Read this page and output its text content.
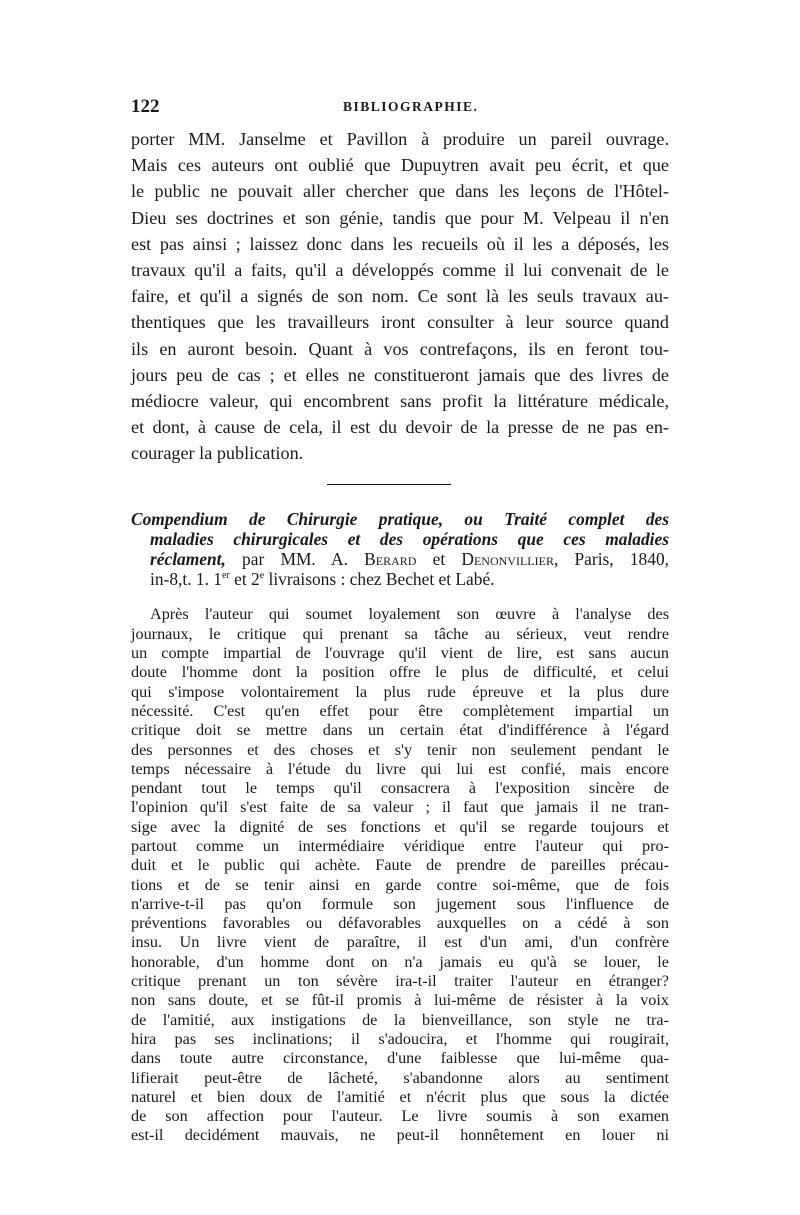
122	BIBLIOGRAPHIE.
porter MM. Janselme et Pavillon à produire un pareil ouvrage.
Mais ces auteurs ont oublié que Dupuytren avait peu écrit, et que
le public ne pouvait aller chercher que dans les leçons de l'Hôtel-
Dieu ses doctrines et son génie, tandis que pour M. Velpeau il n'en
est pas ainsi ; laissez donc dans les recueils où il les a déposés, les
travaux qu'il a faits, qu'il a développés comme il lui convenait de le
faire, et qu'il a signés de son nom. Ce sont là les seuls travaux au-
thentiques que les travailleurs iront consulter à leur source quand
ils en auront besoin. Quant à vos contrefaçons, ils en feront tou-
jours peu de cas ; et elles ne constitueront jamais que des livres de
médiocre valeur, qui encombrent sans profit la littérature médicale,
et dont, à cause de cela, il est du devoir de la presse de ne pas en-
courager la publication.
Compendium de Chirurgie pratique, ou Traité complet des
maladies chirurgicales et des opérations que ces maladies
réclament, par MM. A. Berard et Denonvillier, Paris, 1840,
in-8,t. 1. 1er et 2e livraisons : chez Bechet et Labé.
Après l'auteur qui soumet loyalement son œuvre à l'analyse des
journaux, le critique qui prenant sa tâche au sérieux, veut rendre
un compte impartial de l'ouvrage qu'il vient de lire, est sans aucun
doute l'homme dont la position offre le plus de difficulté, et celui
qui s'impose volontairement la plus rude épreuve et la plus dure
nécessité. C'est qu'en effet pour être complètement impartial un
critique doit se mettre dans un certain état d'indifférence à l'égard
des personnes et des choses et s'y tenir non seulement pendant le
temps nécessaire à l'étude du livre qui lui est confié, mais encore
pendant tout le temps qu'il consacrera à l'exposition sincère de
l'opinion qu'il s'est faite de sa valeur ; il faut que jamais il ne tran-
sige avec la dignité de ses fonctions et qu'il se regarde toujours et
partout comme un intermédiaire véridique entre l'auteur qui pro-
duit et le public qui achète. Faute de prendre de pareilles précau-
tions et de se tenir ainsi en garde contre soi-même, que de fois
n'arrive-t-il pas qu'on formule son jugement sous l'influence de
préventions favorables ou défavorables auxquelles on a cédé à son
insu. Un livre vient de paraître, il est d'un ami, d'un confrère
honorable, d'un homme dont on n'a jamais eu qu'à se louer, le
critique prenant un ton sévère ira-t-il traiter l'auteur en étranger?
non sans doute, et se fût-il promis à lui-même de résister à la voix
de l'amitié, aux instigations de la bienveillance, son style ne tra-
hira pas ses inclinations; il s'adoucira, et l'homme qui rougirait,
dans toute autre circonstance, d'une faiblesse que lui-même qua-
lifierait peut-être de lâcheté, s'abandonne alors au sentiment
naturel et bien doux de l'amitié et n'écrit plus que sous la dictée
de son affection pour l'auteur. Le livre soumis à son examen
est-il decidément mauvais, ne peut-il honnêtement en louer ni
